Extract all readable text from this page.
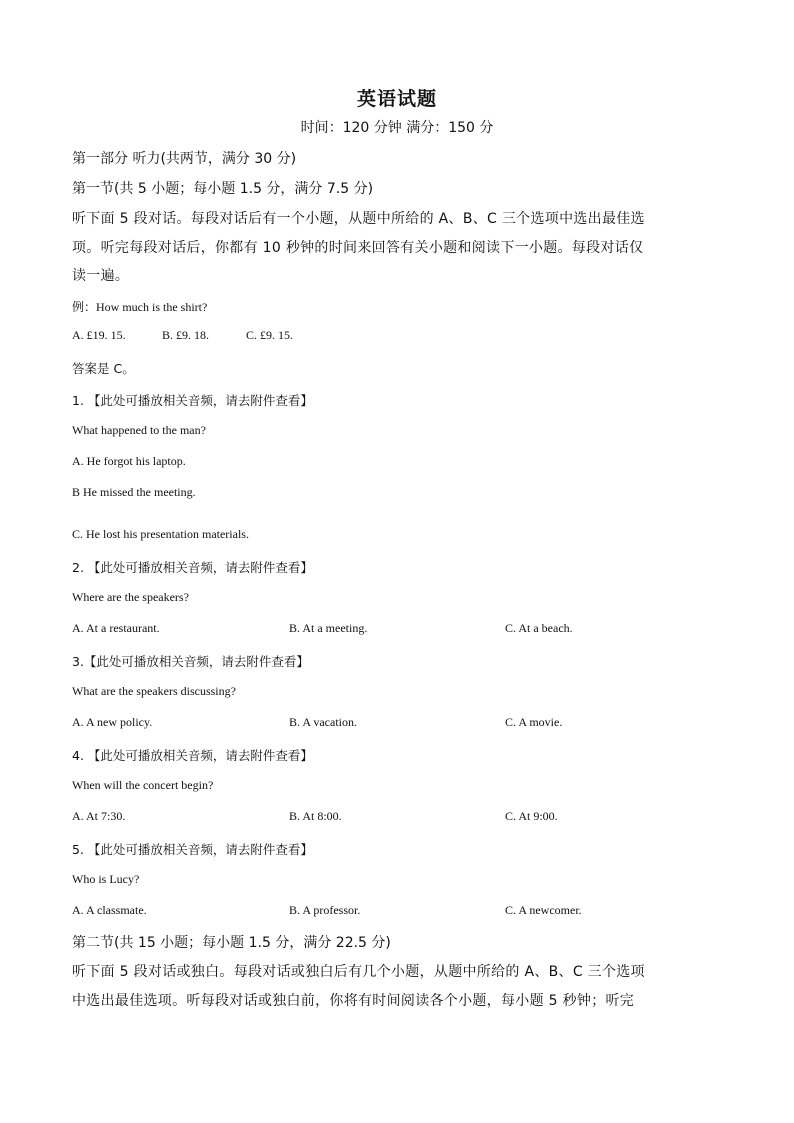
英语试题
时间：120 分钟 满分：150 分
第一部分 听力(共两节，满分 30 分)
第一节(共 5 小题；每小题 1.5 分，满分 7.5 分)
听下面 5 段对话。每段对话后有一个小题，从题中所给的 A、B、C 三个选项中选出最佳选
项。听完每段对话后，你都有 10 秒钟的时间来回答有关小题和阅读下一小题。每段对话仅
读一遍。
例：How much is the shirt?
A. £19. 15.	B. £9. 18.	C. £9. 15.
答案是 C。
1. 【此处可播放相关音频，请去附件查看】
What happened to the man?
A. He forgot his laptop.
B He missed the meeting.
C. He lost his presentation materials.
2. 【此处可播放相关音频，请去附件查看】
Where are the speakers?
A. At a restaurant.	B. At a meeting.	C. At a beach.
3.【此处可播放相关音频，请去附件查看】
What are the speakers discussing?
A. A new policy.	B. A vacation.	C. A movie.
4. 【此处可播放相关音频，请去附件查看】
When will the concert begin?
A. At 7:30.	B. At 8:00.	C. At 9:00.
5. 【此处可播放相关音频，请去附件查看】
Who is Lucy?
A. A classmate.	B. A professor.	C. A newcomer.
第二节(共 15 小题；每小题 1.5 分，满分 22.5 分)
听下面 5 段对话或独白。每段对话或独白后有几个小题，从题中所给的 A、B、C 三个选项
中选出最佳选项。听每段对话或独白前，你将有时间阅读各个小题，每小题 5 秒钟；听完
